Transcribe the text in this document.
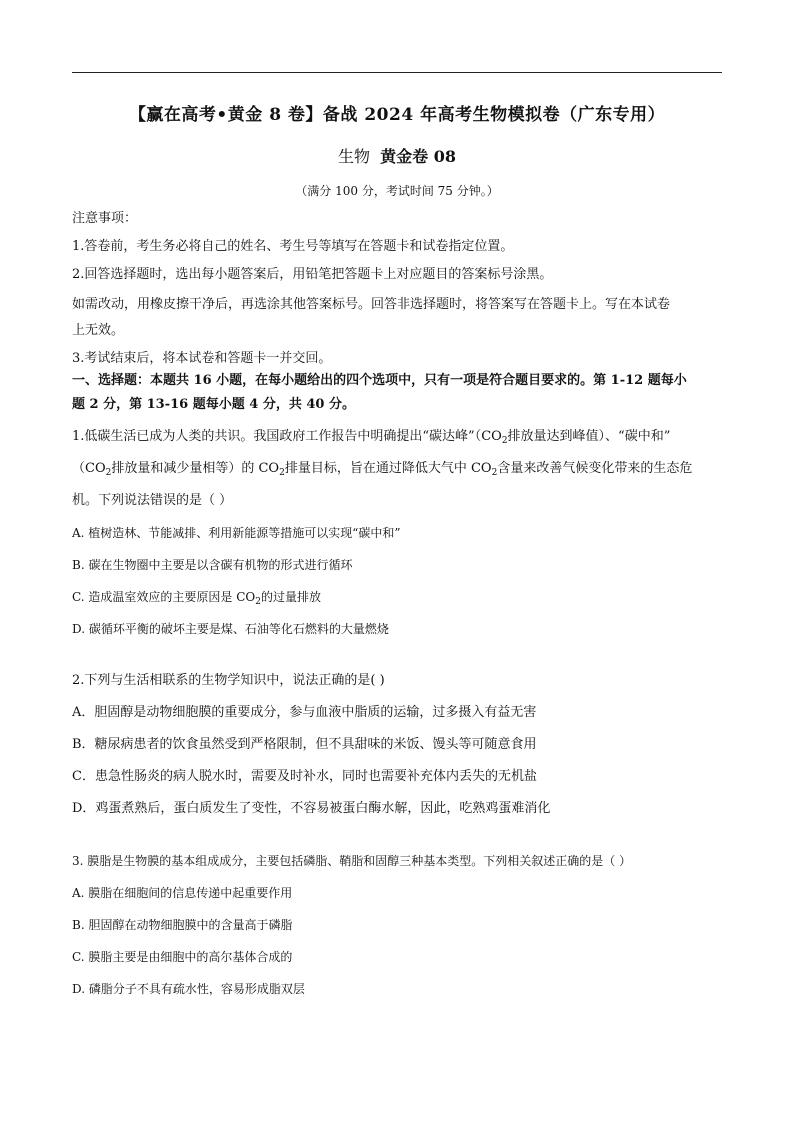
【赢在高考•黄金 8 卷】备战 2024 年高考生物模拟卷（广东专用）
生物 黄金卷 08
（满分 100 分，考试时间 75 分钟。）
注意事项：
1.答卷前，考生务必将自己的姓名、考生号等填写在答题卡和试卷指定位置。
2.回答选择题时，选出每小题答案后，用铅笔把答题卡上对应题目的答案标号涂黑。
如需改动，用橡皮擦干净后，再选涂其他答案标号。回答非选择题时，将答案写在答题卡上。写在本试卷
上无效。
3.考试结束后，将本试卷和答题卡一并交回。
一、选择题：本题共 16 小题，在每小题给出的四个选项中，只有一项是符合题目要求的。第 1-12 题每小
题 2 分，第 13-16 题每小题 4 分，共 40 分。
1.低碳生活已成为人类的共识。我国政府工作报告中明确提出“碳达峰$”(CO_2$排放量达到峰值）、“碳中和”
（$CO_2$排放量和减少量相等）的 $CO_2$排量目标，旨在通过降低大气中 $CO_2$含量来改善气候变化带来的生态危
机。下列说法错误的是（ ）
A. 植树造林、节能减排、利用新能源等措施可以实现“碳中和”
B. 碳在生物圈中主要是以含碳有机物的形式进行循环
C. 造成温室效应的主要原因是 $CO_2$的过量排放
D. 碳循环平衡的破坏主要是煤、石油等化石燃料的大量燃烧
2.下列与生活相联系的生物学知识中，说法正确的是( )
A．胆固醇是动物细胞膜的重要成分，参与血液中脂质的运输，过多摄入有益无害
B．糖尿病患者的饮食虽然受到严格限制，但不具甜味的米饭、馒头等可随意食用
C．患急性肠炎的病人脱水时，需要及时补水，同时也需要补充体内丢失的无机盐
D．鸡蛋煮熟后，蛋白质发生了变性，不容易被蛋白酶水解，因此，吃熟鸡蛋难消化
3. 膜脂是生物膜的基本组成成分，主要包括磷脂、鞘脂和固醇三种基本类型。下列相关叙述正确的是（ ）
A. 膜脂在细胞间的信息传递中起重要作用
B. 胆固醇在动物细胞膜中的含量高于磷脂
C. 膜脂主要是由细胞中的高尔基体合成的
D. 磷脂分子不具有疏水性，容易形成脂双层
